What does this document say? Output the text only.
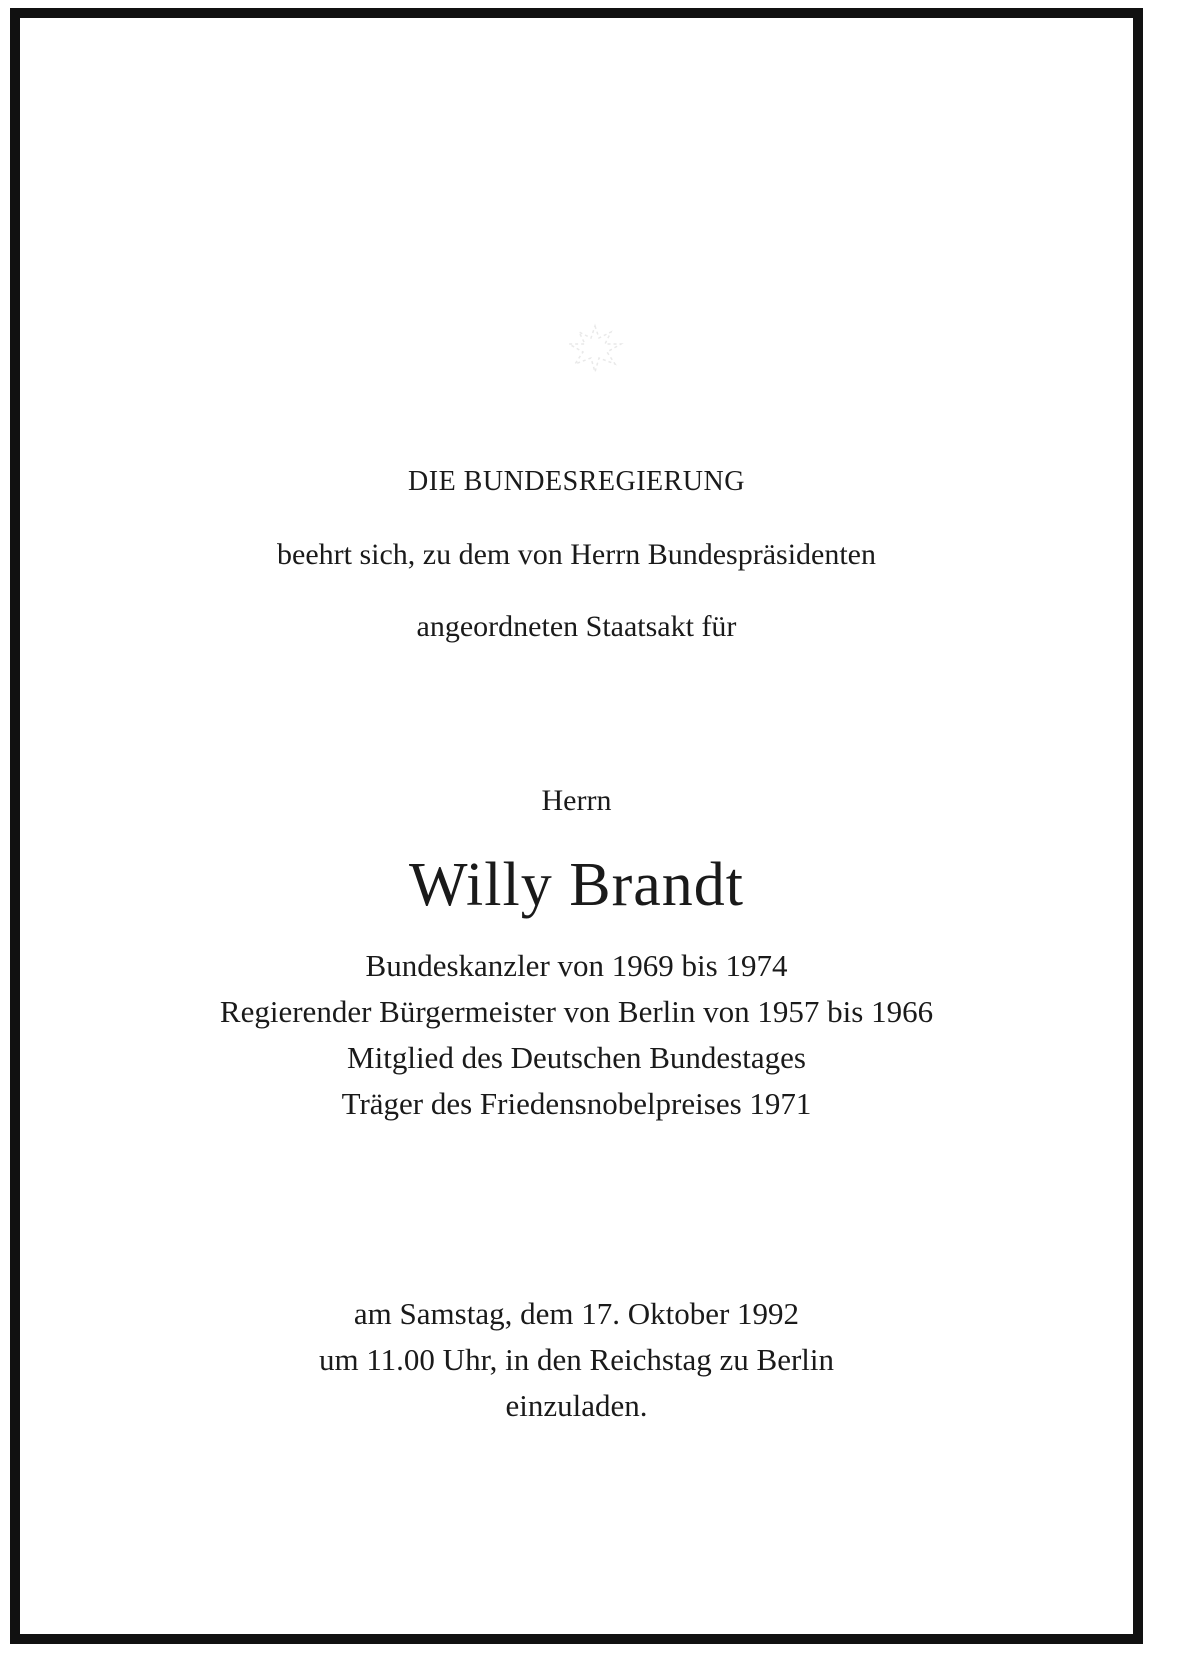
DIE BUNDESREGIERUNG
beehrt sich, zu dem von Herrn Bundespräsidenten
angeordneten Staatsakt für
Herrn
Willy Brandt
Bundeskanzler von 1969 bis 1974
Regierender Bürgermeister von Berlin von 1957 bis 1966
Mitglied des Deutschen Bundestages
Träger des Friedensnobelpreises 1971
am Samstag, dem 17. Oktober 1992
um 11.00 Uhr, in den Reichstag zu Berlin
einzuladen.
